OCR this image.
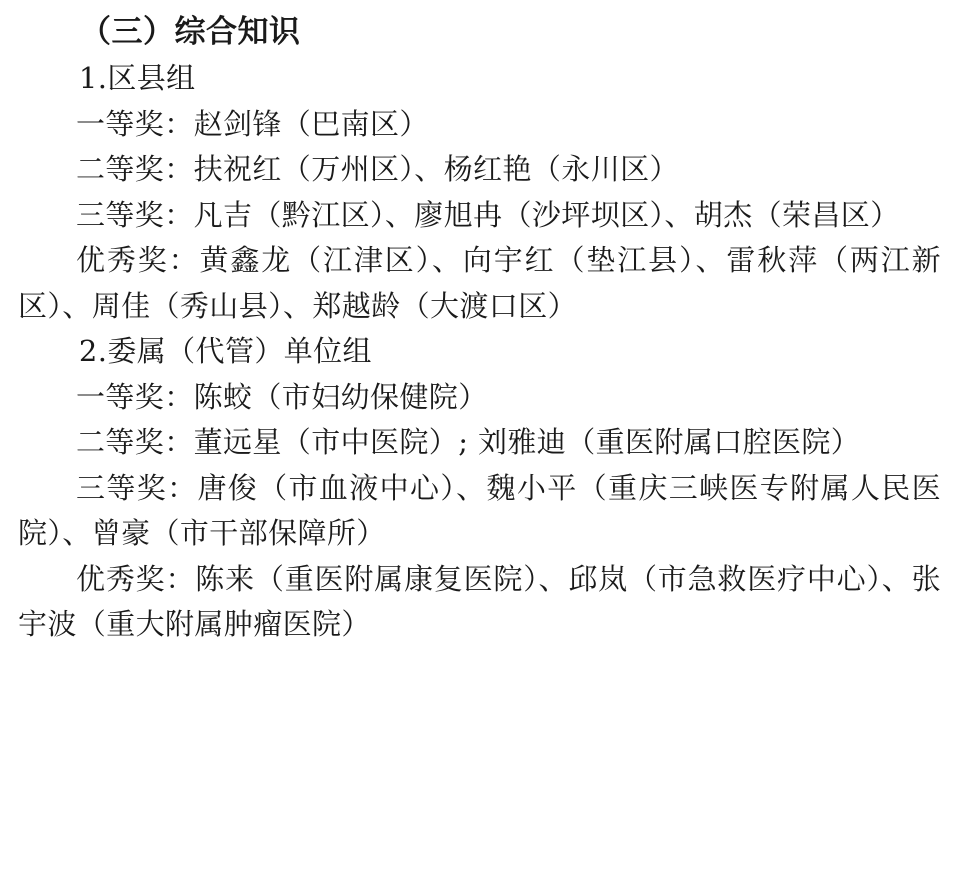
（三）综合知识

1.区县组

一等奖：赵剑锋（巴南区）

二等奖：扶祝红（万州区）、杨红艳（永川区）

三等奖：凡吉（黔江区）、廖旭冉（沙坪坝区）、胡杰（荣昌区）

优秀奖：黄鑫龙（江津区）、向宇红（垫江县）、雷秋萍（两江新区）、周佳（秀山县）、郑越龄（大渡口区）

2.委属（代管）单位组

一等奖：陈蛟（市妇幼保健院）

二等奖：董远星（市中医院）; 刘雅迪（重医附属口腔医院）

三等奖：唐俊（市血液中心）、魏小平（重庆三峡医专附属人民医院）、曾豪（市干部保障所）

优秀奖：陈来（重医附属康复医院）、邱岚（市急救医疗中心）、张宇波（重大附属肿瘤医院）
